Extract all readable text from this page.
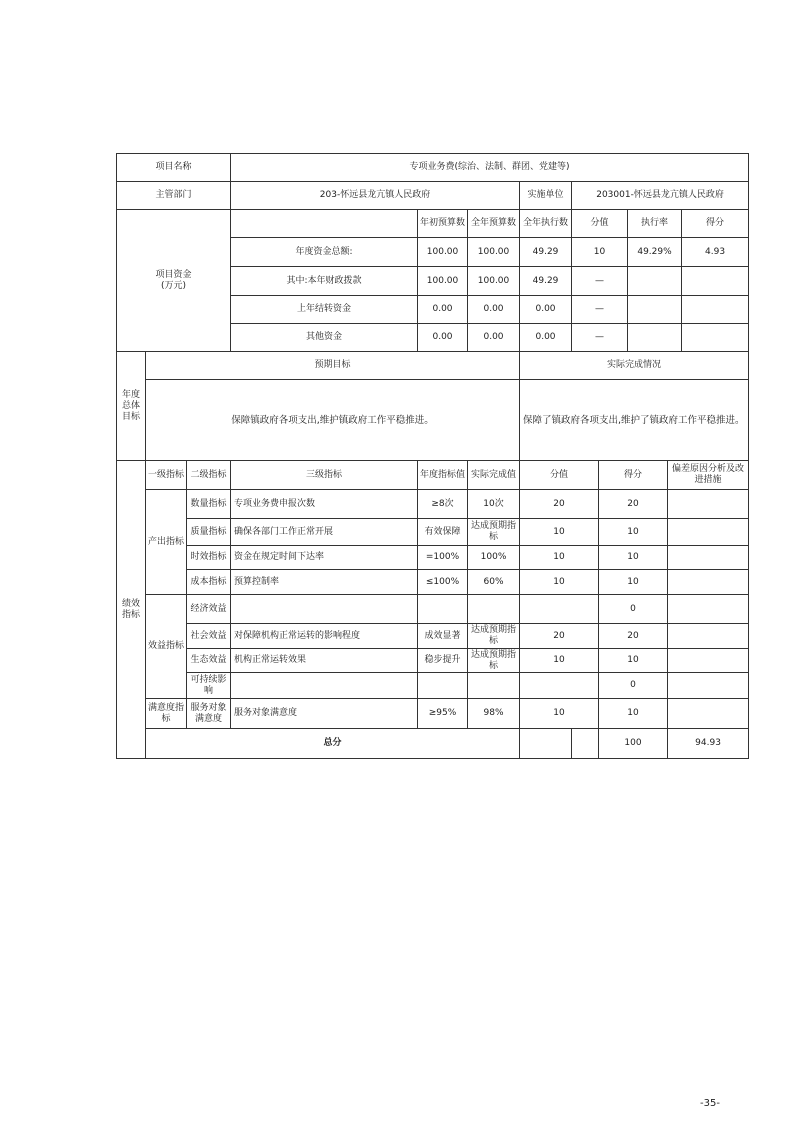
项目名称			专项业务费(综治、法制、群团、党建等)									
主管部门			203-怀远县龙亢镇人民政府			实施单位	203001-怀远县龙亢镇人民政府					
项目资金
(万元)				年初预算数	全年预算数	全年执行数	分值		执行率		得分	
			年度资金总额:	100.00	100.00	49.29	10		49.29%		4.93	
			其中:本年财政拨款	100.00	100.00	49.29	—					
			上年结转资金	0.00	0.00	0.00	—					
			其他资金	0.00	0.00	0.00	—					
年度总体目标	预期目标					实际完成情况						
	保障镇政府各项支出,维护镇政府工作平稳推进。					保障了镇政府各项支出,维护了镇政府工作平稳推进。						
绩效指标	一级指标	二级指标	三级指标	年度指标值	实际完成值	分值		得分		偏差原因分析及改进措施		
	产出指标	数量指标	专项业务费申报次数	≥8次	10次	20		20				
		质量指标	确保各部门工作正常开展	有效保障	达成预期指标	10		10				
		时效指标	资金在规定时间下达率	=100%	100%	10		10				
		成本指标	预算控制率	≤100%	60%	10		10				
	效益指标	经济效益						0				
		社会效益	对保障机构正常运转的影响程度	成效显著	达成预期指标	20		20				
		生态效益	机构正常运转效果	稳步提升	达成预期指标	10		10				
		可持续影响						0				
	满意度指标	服务对象满意度	服务对象满意度	≥95%	98%	10		10				
	总分							100		94.93		
-35-
